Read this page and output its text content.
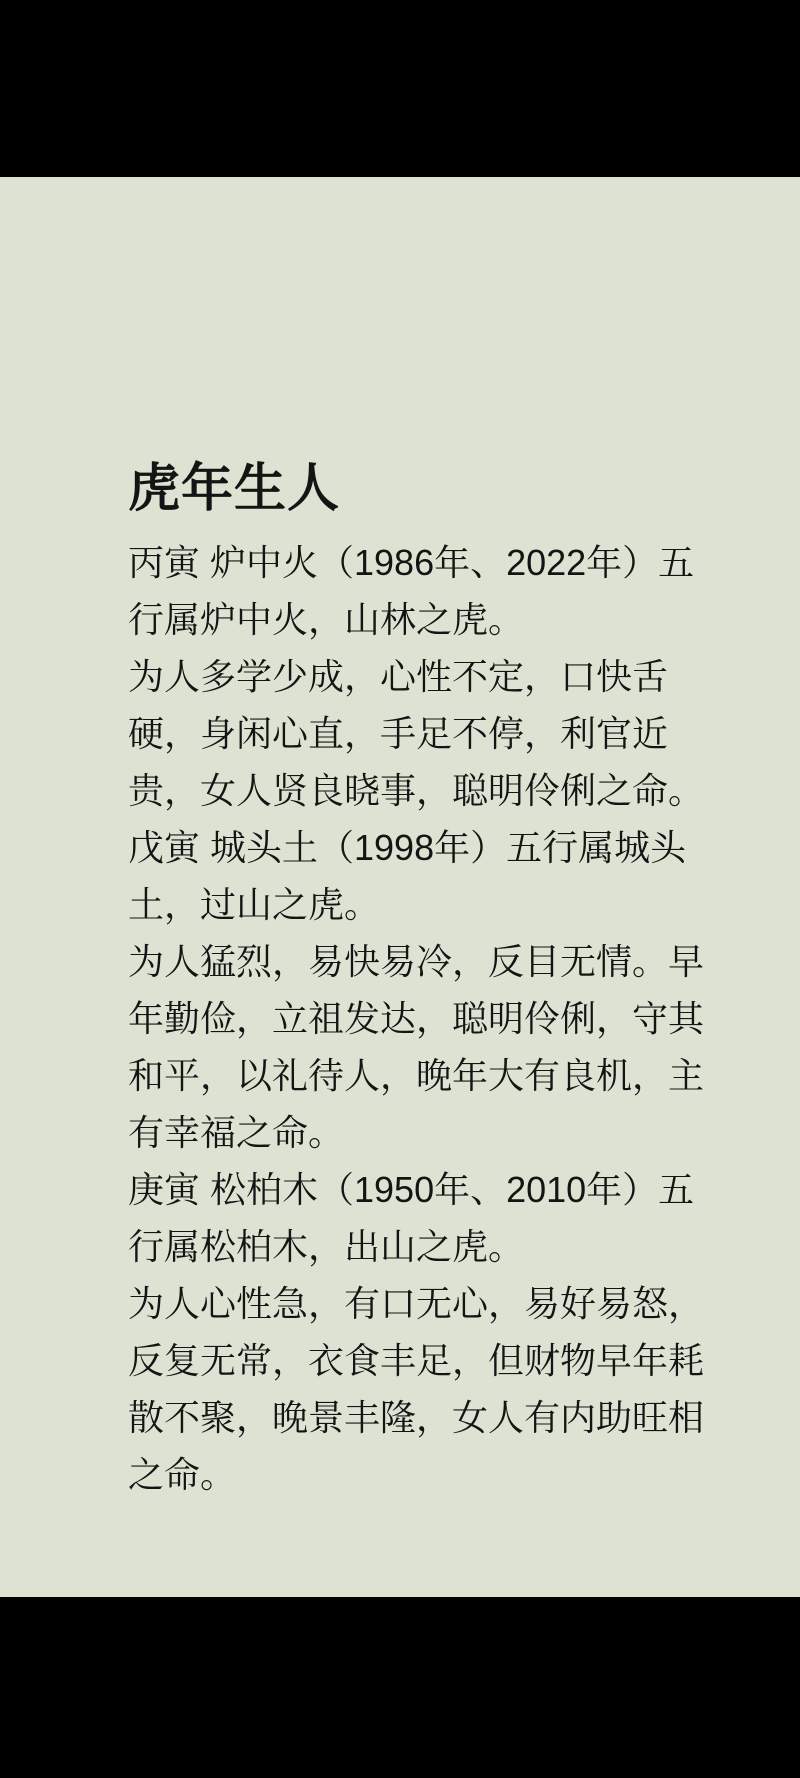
虎年生人
丙寅 炉中火（1986年、2022年）五
行属炉中火，山林之虎。
为人多学少成，心性不定，口快舌
硬，身闲心直，手足不停，利官近
贵，女人贤良晓事，聪明伶俐之命。
戊寅 城头土（1998年）五行属城头
土，过山之虎。
为人猛烈，易快易冷，反目无情。早
年勤俭，立祖发达，聪明伶俐，守其
和平，以礼待人，晚年大有良机，主
有幸福之命。
庚寅 松柏木（1950年、2010年）五
行属松柏木，出山之虎。
为人心性急，有口无心，易好易怒，
反复无常，衣食丰足，但财物早年耗
散不聚，晚景丰隆，女人有内助旺相
之命。
